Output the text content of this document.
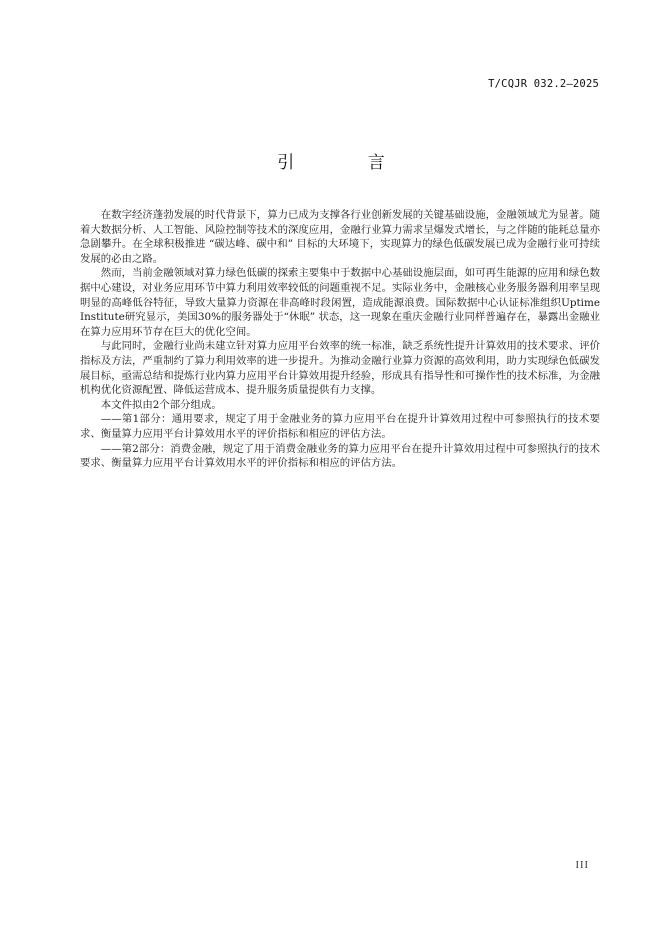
T/CQJR 032.2—2025
引 言

在数字经济蓬勃发展的时代背景下，算力已成为支撑各行业创新发展的关键基础设施，金融领域尤为显著。随着大数据分析、人工智能、风险控制等技术的深度应用，金融行业算力需求呈爆发式增长，与之伴随的能耗总量亦急剧攀升。在全球积极推进 “碳达峰、碳中和” 目标的大环境下，实现算力的绿色低碳发展已成为金融行业可持续发展的必由之路。

然而，当前金融领域对算力绿色低碳的探索主要集中于数据中心基础设施层面，如可再生能源的应用和绿色数据中心建设，对业务应用环节中算力利用效率较低的问题重视不足。实际业务中，金融核心业务服务器利用率呈现明显的高峰低谷特征，导致大量算力资源在非高峰时段闲置，造成能源浪费。国际数据中心认证标准组织Uptime Institute研究显示，美国30%的服务器处于“休眠” 状态，这一现象在重庆金融行业同样普遍存在，暴露出金融业在算力应用环节存在巨大的优化空间。

与此同时，金融行业尚未建立针对算力应用平台效率的统一标准，缺乏系统性提升计算效用的技术要求、评价指标及方法，严重制约了算力利用效率的进一步提升。为推动金融行业算力资源的高效利用，助力实现绿色低碳发展目标，亟需总结和提炼行业内算力应用平台计算效用提升经验，形成具有指导性和可操作性的技术标准，为金融机构优化资源配置、降低运营成本、提升服务质量提供有力支撑。

本文件拟由2个部分组成。

——第1部分：通用要求，规定了用于金融业务的算力应用平台在提升计算效用过程中可参照执行的技术要求、衡量算力应用平台计算效用水平的评价指标和相应的评估方法。

——第2部分：消费金融，规定了用于消费金融业务的算力应用平台在提升计算效用过程中可参照执行的技术要求、衡量算力应用平台计算效用水平的评价指标和相应的评估方法。

III
